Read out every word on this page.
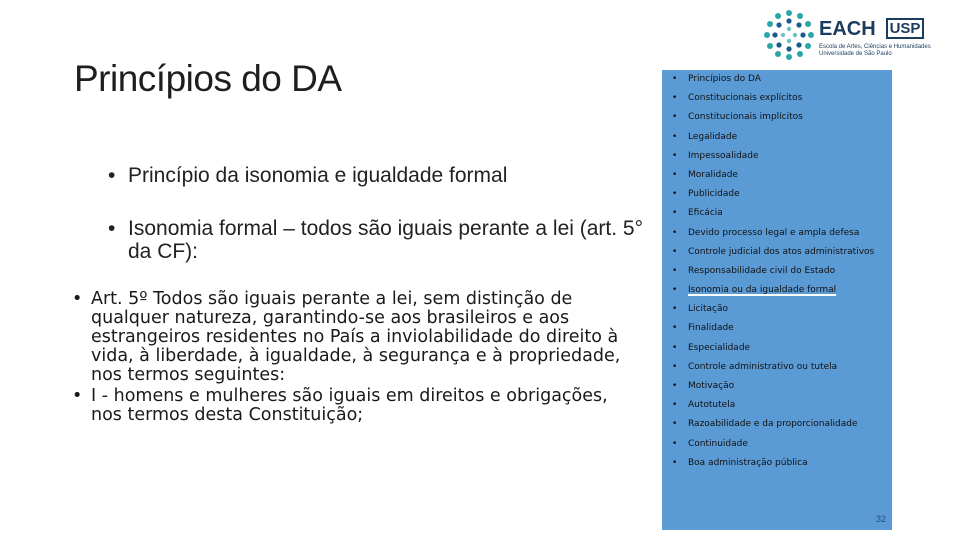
Princípios do DA
• Princípio da isonomia e igualdade formal
• Isonomia formal – todos são iguais perante a lei (art. 5° da CF):
• Art. 5º Todos são iguais perante a lei, sem distinção de qualquer natureza, garantindo-se aos brasileiros e aos estrangeiros residentes no País a inviolabilidade do direito à vida, à liberdade, à igualdade, à segurança e à propriedade, nos termos seguintes:
• I - homens e mulheres são iguais em direitos e obrigações, nos termos desta Constituição;
EACH USP
Escola de Artes, Ciências e Humanidades
Universidade de São Paulo
• Princípios do DA
• Constitucionais explícitos
• Constitucionais implícitos
• Legalidade
• Impessoalidade
• Moralidade
• Publicidade
• Eficácia
• Devido processo legal e ampla defesa
• Controle judicial dos atos administrativos
• Responsabilidade civil do Estado
• Isonomia ou da igualdade formal
• Licitação
• Finalidade
• Especialidade
• Controle administrativo ou tutela
• Motivação
• Autotutela
• Razoabilidade e da proporcionalidade
• Continuidade
• Boa administração pública
32
